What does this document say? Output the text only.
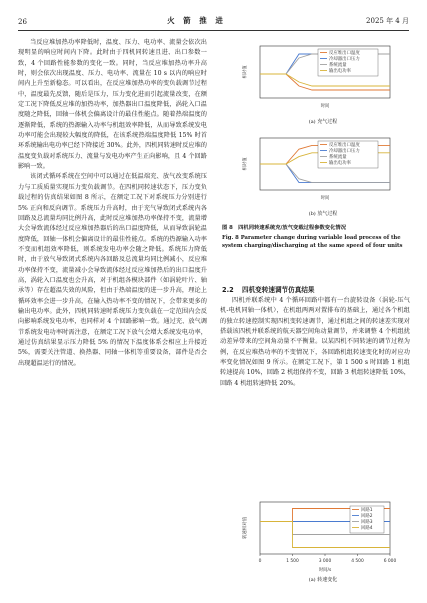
26	火 箭 推 进	2025 年 4 月

当反应堆加热功率降低时，温度、压力、电功率、流量会依次出现明显的响应时间内下降。此时由于四机同转速且进、出口参数一致，4 个回路性能参数的变化一致。同时，当反应堆加热功率升高时，则会依次出现温度、压力、电功率、流量在 10 s 以内的响应时间内上升至新稳态。可以看出，在反应堆加热功率的变负载调节过程中，温度最先反馈，随后是压力，压力变化进而引起流量改变，在额定工况下降低反应堆的加热功率，加热器出口温度降低，涡轮入口温度随之降低，回轴一体机会偏离设计的最佳性能点。随着热端温度的逐渐降低，系统的热源输入功率与机组效率降低，从而导致系统发电功率可能会出现较大幅度的降低，在该系统热端温度降低 15% 时首环系统输出电功率已经下降接近 30%。此外，四机同转速时反应堆的温度变负载对系统压力、流量与发电功率产生正向影响，且 4 个回路影响一致。

该闭式循环系统在空间中可以通过在低温端充、放气改变系统压力与工质质量实现压力变负载调节。在四机同转速状态下，压力变负载过程的仿真结果如图 8 所示，在额定工况下对系统压力分别进行 5% 正向和反向调节。系统压力升高时，由于充气导致闭式系统内各回路及总流量均同比例升高，此时反应堆加热功率保持不变，流量增大会导致流体经过反应堆加热器后的出口温度降低，从而导致涡轮温度降低，回轴一体机会偏离设计的最佳性能点。系统的热源输入功率不变而机组效率降低，则系统发电功率会随之降低。系统压力降低时，由于放气导致闭式系统内各回路及总流量均同比例减小，反应堆功率保持不变，流量减小会导致流体经过反应堆加热后的出口温度升高，涡轮入口温度也会升高，对于机组各模块部件（如涡轮叶片、轴承等）存在超温失效的风险，但由于热端温度的进一步升高，理论上循环效率会进一步升高，在输入热功率不变的情况下，会带来更多的输出电功率。此外，四机同转速时系统压力变负载在一定范围内会反向影响系统发电功率，也同样对 4 个回路影响一致。通过充、放气调节系统发电功率时需注意，在额定工况下放气会增大系统发电功率，通过仿真结果显示压力降低 5% 的情况下温度体系会相应上升接近 5%，需要关注管道、换热器、同轴一体机等重要设备，部件是否会出现超温运行的情况。

反应堆出口温度
冷却器出口压力
系统流量
输出电功率
相对值
时间
(a) 充气过程
反应堆出口温度
冷却器出口压力
系统流量
输出电功率
相对值
时间
(b) 放气过程
图 8　四机同转速系统充/放气变载过程参数变化情况
Fig. 8 Parameter change during variable load process of the system charging/discharging at the same speed of four units
2.2 四机变转速调节仿真结果

四机并联系统中 4 个循环回路中都有一台旋转设备（涡轮-压气机-电机同轴一体机），在机组两两对置排布的基础上，通过各个机组的独立转速控制实现四机变转速调节，通过机组之间的转速差实现对搭载该四机并联系统的航天器空间角动量调节，并来调整 4 个机组扰动差异带来的空间角动量不平衡量。以某四机不同转速的调节过程为例，在反应堆热功率的不变情况下，各回路机组转速变化时的对应功率变化情况如图 9 所示。在额定工况下，第 1 500 s 时回路 1 机组转速提高 10%，回路 2 机组保持不变，回路 3 机组转速降低 10%，回路 4 机组转速降低 20%。

回路1
回路2
回路3
回路4
转速相对值
时间/s
0	1 500	3 000	4 500	6 000
(a) 转速变化
